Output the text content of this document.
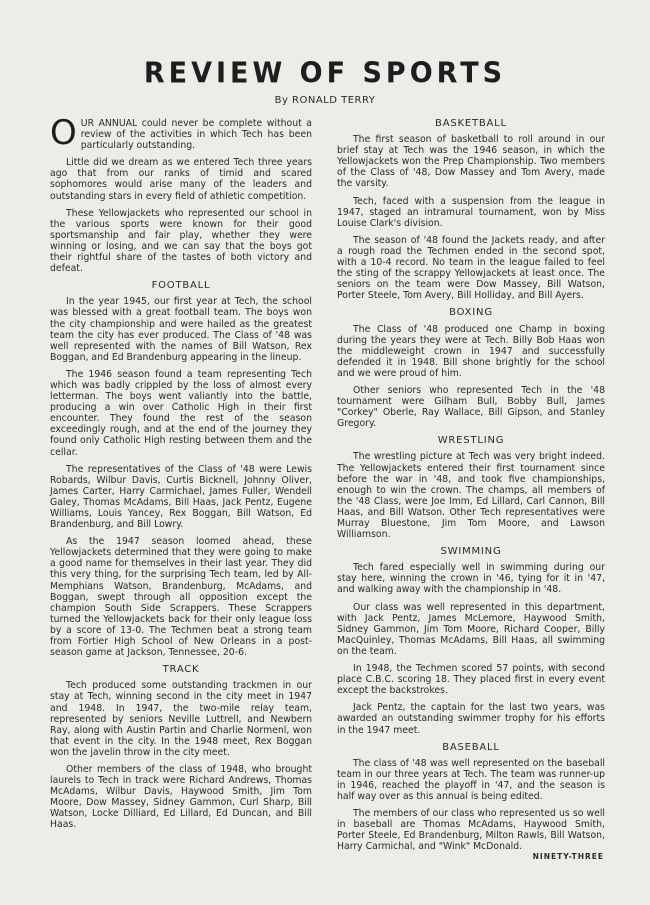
REVIEW OF SPORTS
By RONALD TERRY

OUR ANNUAL could never be complete without a review of the activities in which Tech has been particularly outstanding.

Little did we dream as we entered Tech three years ago that from our ranks of timid and scared sophomores would arise many of the leaders and outstanding stars in every field of athletic competition.

These Yellowjackets who represented our school in the various sports were known for their good sportsmanship and fair play, whether they were winning or losing, and we can say that the boys got their rightful share of the tastes of both victory and defeat.

FOOTBALL

In the year 1945, our first year at Tech, the school was blessed with a great football team. The boys won the city championship and were hailed as the greatest team the city has ever produced. The Class of '48 was well represented with the names of Bill Watson, Rex Boggan, and Ed Brandenburg appearing in the lineup.

The 1946 season found a team representing Tech which was badly crippled by the loss of almost every letterman. The boys went valiantly into the battle, producing a win over Catholic High in their first encounter. They found the rest of the season exceedingly rough, and at the end of the journey they found only Catholic High resting between them and the cellar.

The representatives of the Class of '48 were Lewis Robards, Wilbur Davis, Curtis Bicknell, Johnny Oliver, James Carter, Harry Carmichael, James Fuller, Wendell Galey, Thomas McAdams, Bill Haas, Jack Pentz, Eugene Williams, Louis Yancey, Rex Boggan, Bill Watson, Ed Brandenburg, and Bill Lowry.

As the 1947 season loomed ahead, these Yellowjackets determined that they were going to make a good name for themselves in their last year. They did this very thing, for the surprising Tech team, led by All-Memphians Watson, Brandenburg, McAdams, and Boggan, swept through all opposition except the champion South Side Scrappers. These Scrappers turned the Yellowjackets back for their only league loss by a score of 13-0. The Techmen beat a strong team from Fortier High School of New Orleans in a post-season game at Jackson, Tennessee, 20-6.

TRACK

Tech produced some outstanding trackmen in our stay at Tech, winning second in the city meet in 1947 and 1948. In 1947, the two-mile relay team, represented by seniors Neville Luttrell, and Newbern Ray, along with Austin Partin and Charlie Normenl, won that event in the city. In the 1948 meet, Rex Boggan won the javelin throw in the city meet.

Other members of the class of 1948, who brought laurels to Tech in track were Richard Andrews, Thomas McAdams, Wilbur Davis, Haywood Smith, Jim Tom Moore, Dow Massey, Sidney Gammon, Curl Sharp, Bill Watson, Locke Dilliard, Ed Lillard, Ed Duncan, and Bill Haas.

BASKETBALL

The first season of basketball to roll around in our brief stay at Tech was the 1946 season, in which the Yellowjackets won the Prep Championship. Two members of the Class of '48, Dow Massey and Tom Avery, made the varsity.

Tech, faced with a suspension from the league in 1947, staged an intramural tournament, won by Miss Louise Clark's division.

The season of '48 found the Jackets ready, and after a rough road the Techmen ended in the second spot, with a 10-4 record. No team in the league failed to feel the sting of the scrappy Yellowjackets at least once. The seniors on the team were Dow Massey, Bill Watson, Porter Steele, Tom Avery, Bill Holliday, and Bill Ayers.

BOXING

The Class of '48 produced one Champ in boxing during the years they were at Tech. Billy Bob Haas won the middleweight crown in 1947 and successfully defended it in 1948. Bill shone brightly for the school and we were proud of him.

Other seniors who represented Tech in the '48 tournament were Gilham Bull, Bobby Bull, James "Corkey" Oberle, Ray Wallace, Bill Gipson, and Stanley Gregory.

WRESTLING

The wrestling picture at Tech was very bright indeed. The Yellowjackets entered their first tournament since before the war in '48, and took five championships, enough to win the crown. The champs, all members of the '48 Class, were Joe Imm, Ed Lillard, Carl Cannon, Bill Haas, and Bill Watson. Other Tech representatives were Murray Bluestone, Jim Tom Moore, and Lawson Williamson.

SWIMMING

Tech fared especially well in swimming during our stay here, winning the crown in '46, tying for it in '47, and walking away with the championship in '48.

Our class was well represented in this department, with Jack Pentz, James McLemore, Haywood Smith, Sidney Gammon, Jim Tom Moore, Richard Cooper, Billy MacQuinley, Thomas McAdams, Bill Haas, all swimming on the team.

In 1948, the Techmen scored 57 points, with second place C.B.C. scoring 18. They placed first in every event except the backstrokes.

Jack Pentz, the captain for the last two years, was awarded an outstanding swimmer trophy for his efforts in the 1947 meet.

BASEBALL

The class of '48 was well represented on the baseball team in our three years at Tech. The team was runner-up in 1946, reached the playoff in '47, and the season is half way over as this annual is being edited.

The members of our class who represented us so well in baseball are Thomas McAdams, Haywood Smith, Porter Steele, Ed Brandenburg, Milton Rawls, Bill Watson, Harry Carmichal, and "Wink" McDonald.

NINETY-THREE
